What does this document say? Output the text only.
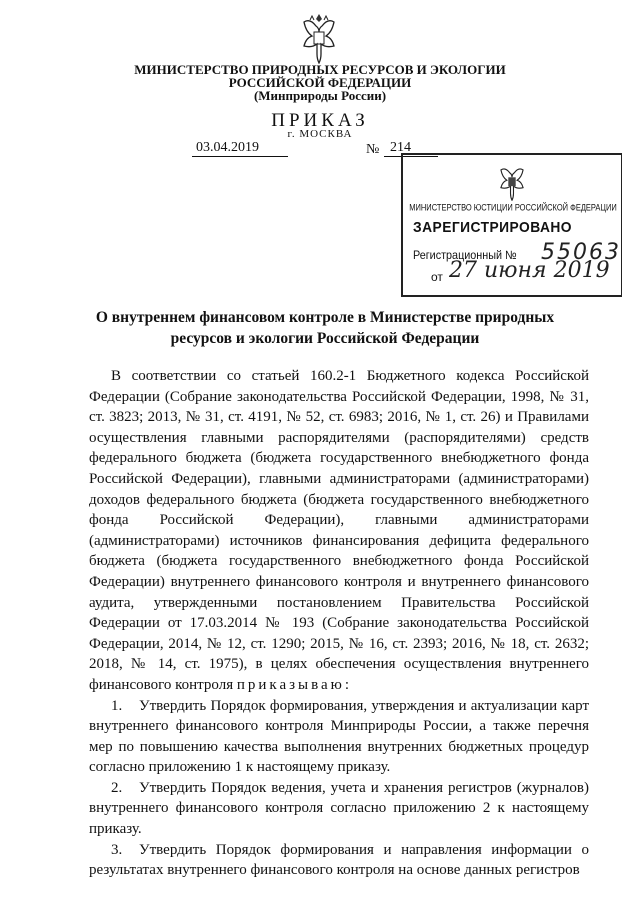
МИНИСТЕРСТВО ПРИРОДНЫХ РЕСУРСОВ И ЭКОЛОГИИ
РОССИЙСКОЙ ФЕДЕРАЦИИ
(Минприроды России)
ПРИКАЗ
г. МОСКВА
03.04.2019	№ 214
МИНИСТЕРСТВО ЮСТИЦИИ РОССИЙСКОЙ ФЕДЕРАЦИИ
ЗАРЕГИСТРИРОВАНО
Регистрационный № 55063
от 27 июня 2019
О внутреннем финансовом контроле в Министерстве природных
ресурсов и экологии Российской Федерации

В соответствии со статьей 160.2-1 Бюджетного кодекса Российской Федерации (Собрание законодательства Российской Федерации, 1998, № 31, ст. 3823; 2013, № 31, ст. 4191, № 52, ст. 6983; 2016, № 1, ст. 26) и Правилами осуществления главными распорядителями (распорядителями) средств федерального бюджета (бюджета государственного внебюджетного фонда Российской Федерации), главными администраторами (администраторами) доходов федерального бюджета (бюджета государственного внебюджетного фонда Российской Федерации), главными администраторами (администраторами) источников финансирования дефицита федерального бюджета (бюджета государственного внебюджетного фонда Российской Федерации) внутреннего финансового контроля и внутреннего финансового аудита, утвержденными постановлением Правительства Российской Федерации от 17.03.2014 № 193 (Собрание законодательства Российской Федерации, 2014, № 12, ст. 1290; 2015, № 16, ст. 2393; 2016, № 18, ст. 2632; 2018, № 14, ст. 1975), в целях обеспечения осуществления внутреннего финансового контроля приказываю:

1. Утвердить Порядок формирования, утверждения и актуализации карт внутреннего финансового контроля Минприроды России, а также перечня мер по повышению качества выполнения внутренних бюджетных процедур согласно приложению 1 к настоящему приказу.

2. Утвердить Порядок ведения, учета и хранения регистров (журналов) внутреннего финансового контроля согласно приложению 2 к настоящему приказу.

3. Утвердить Порядок формирования и направления информации о результатах внутреннего финансового контроля на основе данных регистров
